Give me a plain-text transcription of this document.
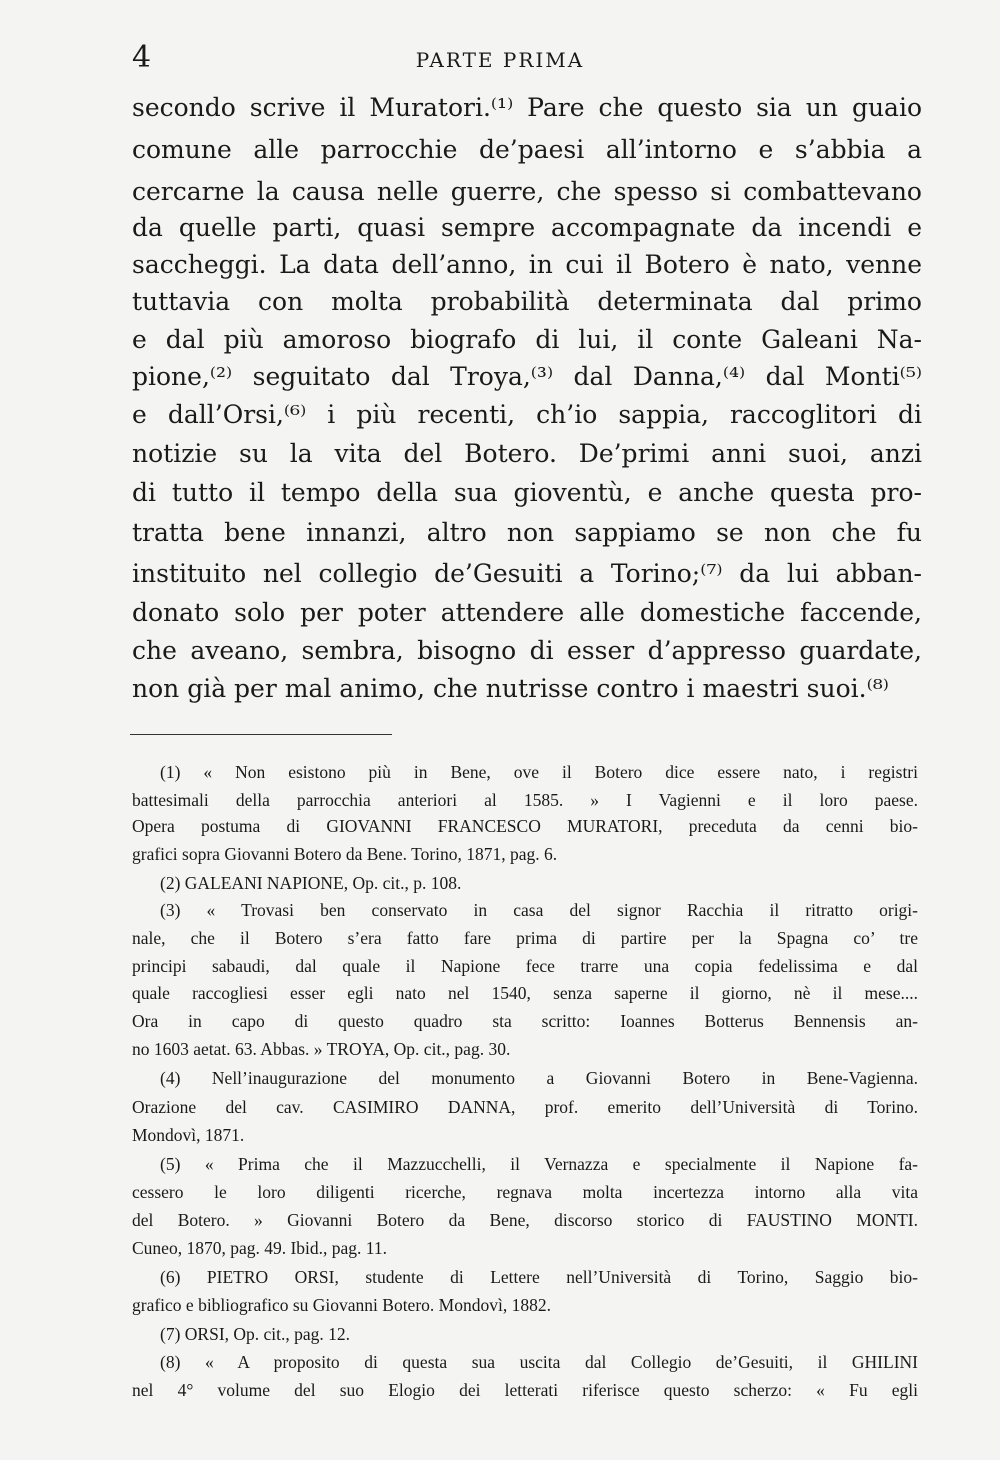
4	PARTE PRIMA
secondo scrive il Muratori.⁽¹⁾ Pare che questo sia un guaio
comune alle parrocchie de’paesi all’intorno e s’abbia a
cercarne la causa nelle guerre, che spesso si combattevano
da quelle parti, quasi sempre accompagnate da incendi e
saccheggi. La data dell’anno, in cui il Botero è nato, venne
tuttavia con molta probabilità determinata dal primo
e dal più amoroso biografo di lui, il conte Galeani Na-
pione,⁽²⁾ seguitato dal Troya,⁽³⁾ dal Danna,⁽⁴⁾ dal Monti⁽⁵⁾
e dall’Orsi,⁽⁶⁾ i più recenti, ch’io sappia, raccoglitori di
notizie su la vita del Botero. De’primi anni suoi, anzi
di tutto il tempo della sua gioventù, e anche questa pro-
tratta bene innanzi, altro non sappiamo se non che fu
instituito nel collegio de’Gesuiti a Torino;⁽⁷⁾ da lui abban-
donato solo per poter attendere alle domestiche faccende,
che aveano, sembra, bisogno di esser d’appresso guardate,
non già per mal animo, che nutrisse contro i maestri suoi.⁽⁸⁾
(1) « Non esistono più in Bene, ove il Botero dice essere nato, i registri
battesimali della parrocchia anteriori al 1585. » I Vagienni e il loro paese.
Opera postuma di GIOVANNI FRANCESCO MURATORI, preceduta da cenni bio-
grafici sopra Giovanni Botero da Bene. Torino, 1871, pag. 6.
(2) GALEANI NAPIONE, Op. cit., p. 108.
(3) « Trovasi ben conservato in casa del signor Racchia il ritratto origi-
nale, che il Botero s’era fatto fare prima di partire per la Spagna co’ tre
principi sabaudi, dal quale il Napione fece trarre una copia fedelissima e dal
quale raccogliesi esser egli nato nel 1540, senza saperne il giorno, nè il mese....
Ora in capo di questo quadro sta scritto: Ioannes Botterus Bennensis an-
no 1603 aetat. 63. Abbas. » TROYA, Op. cit., pag. 30.
(4) Nell’inaugurazione del monumento a Giovanni Botero in Bene-Vagienna.
Orazione del cav. CASIMIRO DANNA, prof. emerito dell’Università di Torino.
Mondovì, 1871.
(5) « Prima che il Mazzucchelli, il Vernazza e specialmente il Napione fa-
cessero le loro diligenti ricerche, regnava molta incertezza intorno alla vita
del Botero. » Giovanni Botero da Bene, discorso storico di FAUSTINO MONTI.
Cuneo, 1870, pag. 49. Ibid., pag. 11.
(6) PIETRO ORSI, studente di Lettere nell’Università di Torino, Saggio bio-
grafico e bibliografico su Giovanni Botero. Mondovì, 1882.
(7) ORSI, Op. cit., pag. 12.
(8) « A proposito di questa sua uscita dal Collegio de’Gesuiti, il GHILINI
nel 4° volume del suo Elogio dei letterati riferisce questo scherzo: « Fu egli
